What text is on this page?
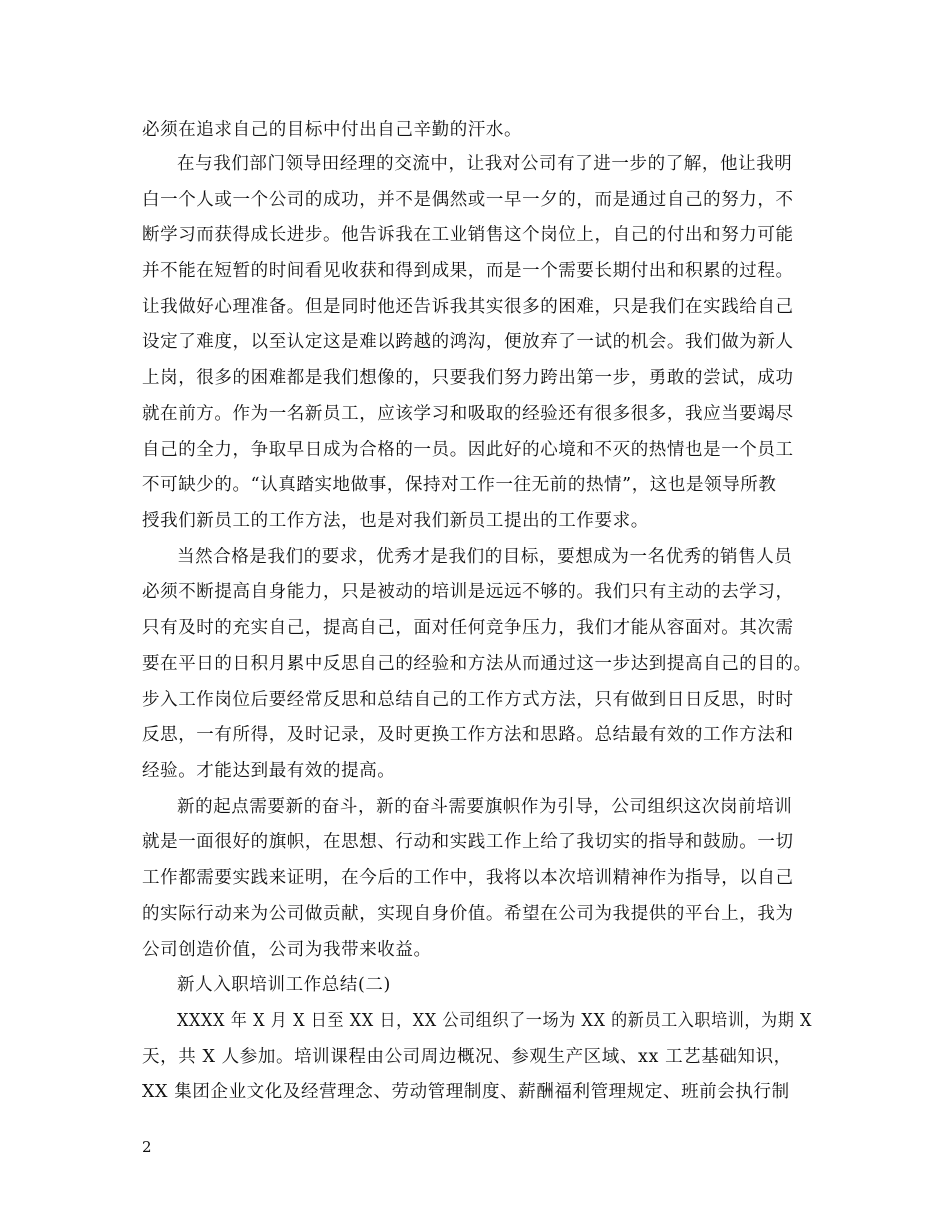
必须在追求自己的目标中付出自己辛勤的汗水。
在与我们部门领导田经理的交流中，让我对公司有了进一步的了解，他让我明
白一个人或一个公司的成功，并不是偶然或一早一夕的，而是通过自己的努力，不
断学习而获得成长进步。他告诉我在工业销售这个岗位上，自己的付出和努力可能
并不能在短暂的时间看见收获和得到成果，而是一个需要长期付出和积累的过程。
让我做好心理准备。但是同时他还告诉我其实很多的困难，只是我们在实践给自己
设定了难度，以至认定这是难以跨越的鸿沟，便放弃了一试的机会。我们做为新人
上岗，很多的困难都是我们想像的，只要我们努力跨出第一步，勇敢的尝试，成功
就在前方。作为一名新员工，应该学习和吸取的经验还有很多很多，我应当要竭尽
自己的全力，争取早日成为合格的一员。因此好的心境和不灭的热情也是一个员工
不可缺少的。“认真踏实地做事，保持对工作一往无前的热情”，这也是领导所教
授我们新员工的工作方法，也是对我们新员工提出的工作要求。
当然合格是我们的要求，优秀才是我们的目标，要想成为一名优秀的销售人员
必须不断提高自身能力，只是被动的培训是远远不够的。我们只有主动的去学习，
只有及时的充实自己，提高自己，面对任何竞争压力，我们才能从容面对。其次需
要在平日的日积月累中反思自己的经验和方法从而通过这一步达到提高自己的目的。
步入工作岗位后要经常反思和总结自己的工作方式方法，只有做到日日反思，时时
反思，一有所得，及时记录，及时更换工作方法和思路。总结最有效的工作方法和
经验。才能达到最有效的提高。
新的起点需要新的奋斗，新的奋斗需要旗帜作为引导，公司组织这次岗前培训
就是一面很好的旗帜，在思想、行动和实践工作上给了我切实的指导和鼓励。一切
工作都需要实践来证明，在今后的工作中，我将以本次培训精神作为指导，以自己
的实际行动来为公司做贡献，实现自身价值。希望在公司为我提供的平台上，我为
公司创造价值，公司为我带来收益。
新人入职培训工作总结(二)
XXXX 年 X 月 X 日至 XX 日，XX 公司组织了一场为 XX 的新员工入职培训，为期 X
天，共 X 人参加。培训课程由公司周边概况、参观生产区域、xx 工艺基础知识，
XX 集团企业文化及经营理念、劳动管理制度、薪酬福利管理规定、班前会执行制
2
